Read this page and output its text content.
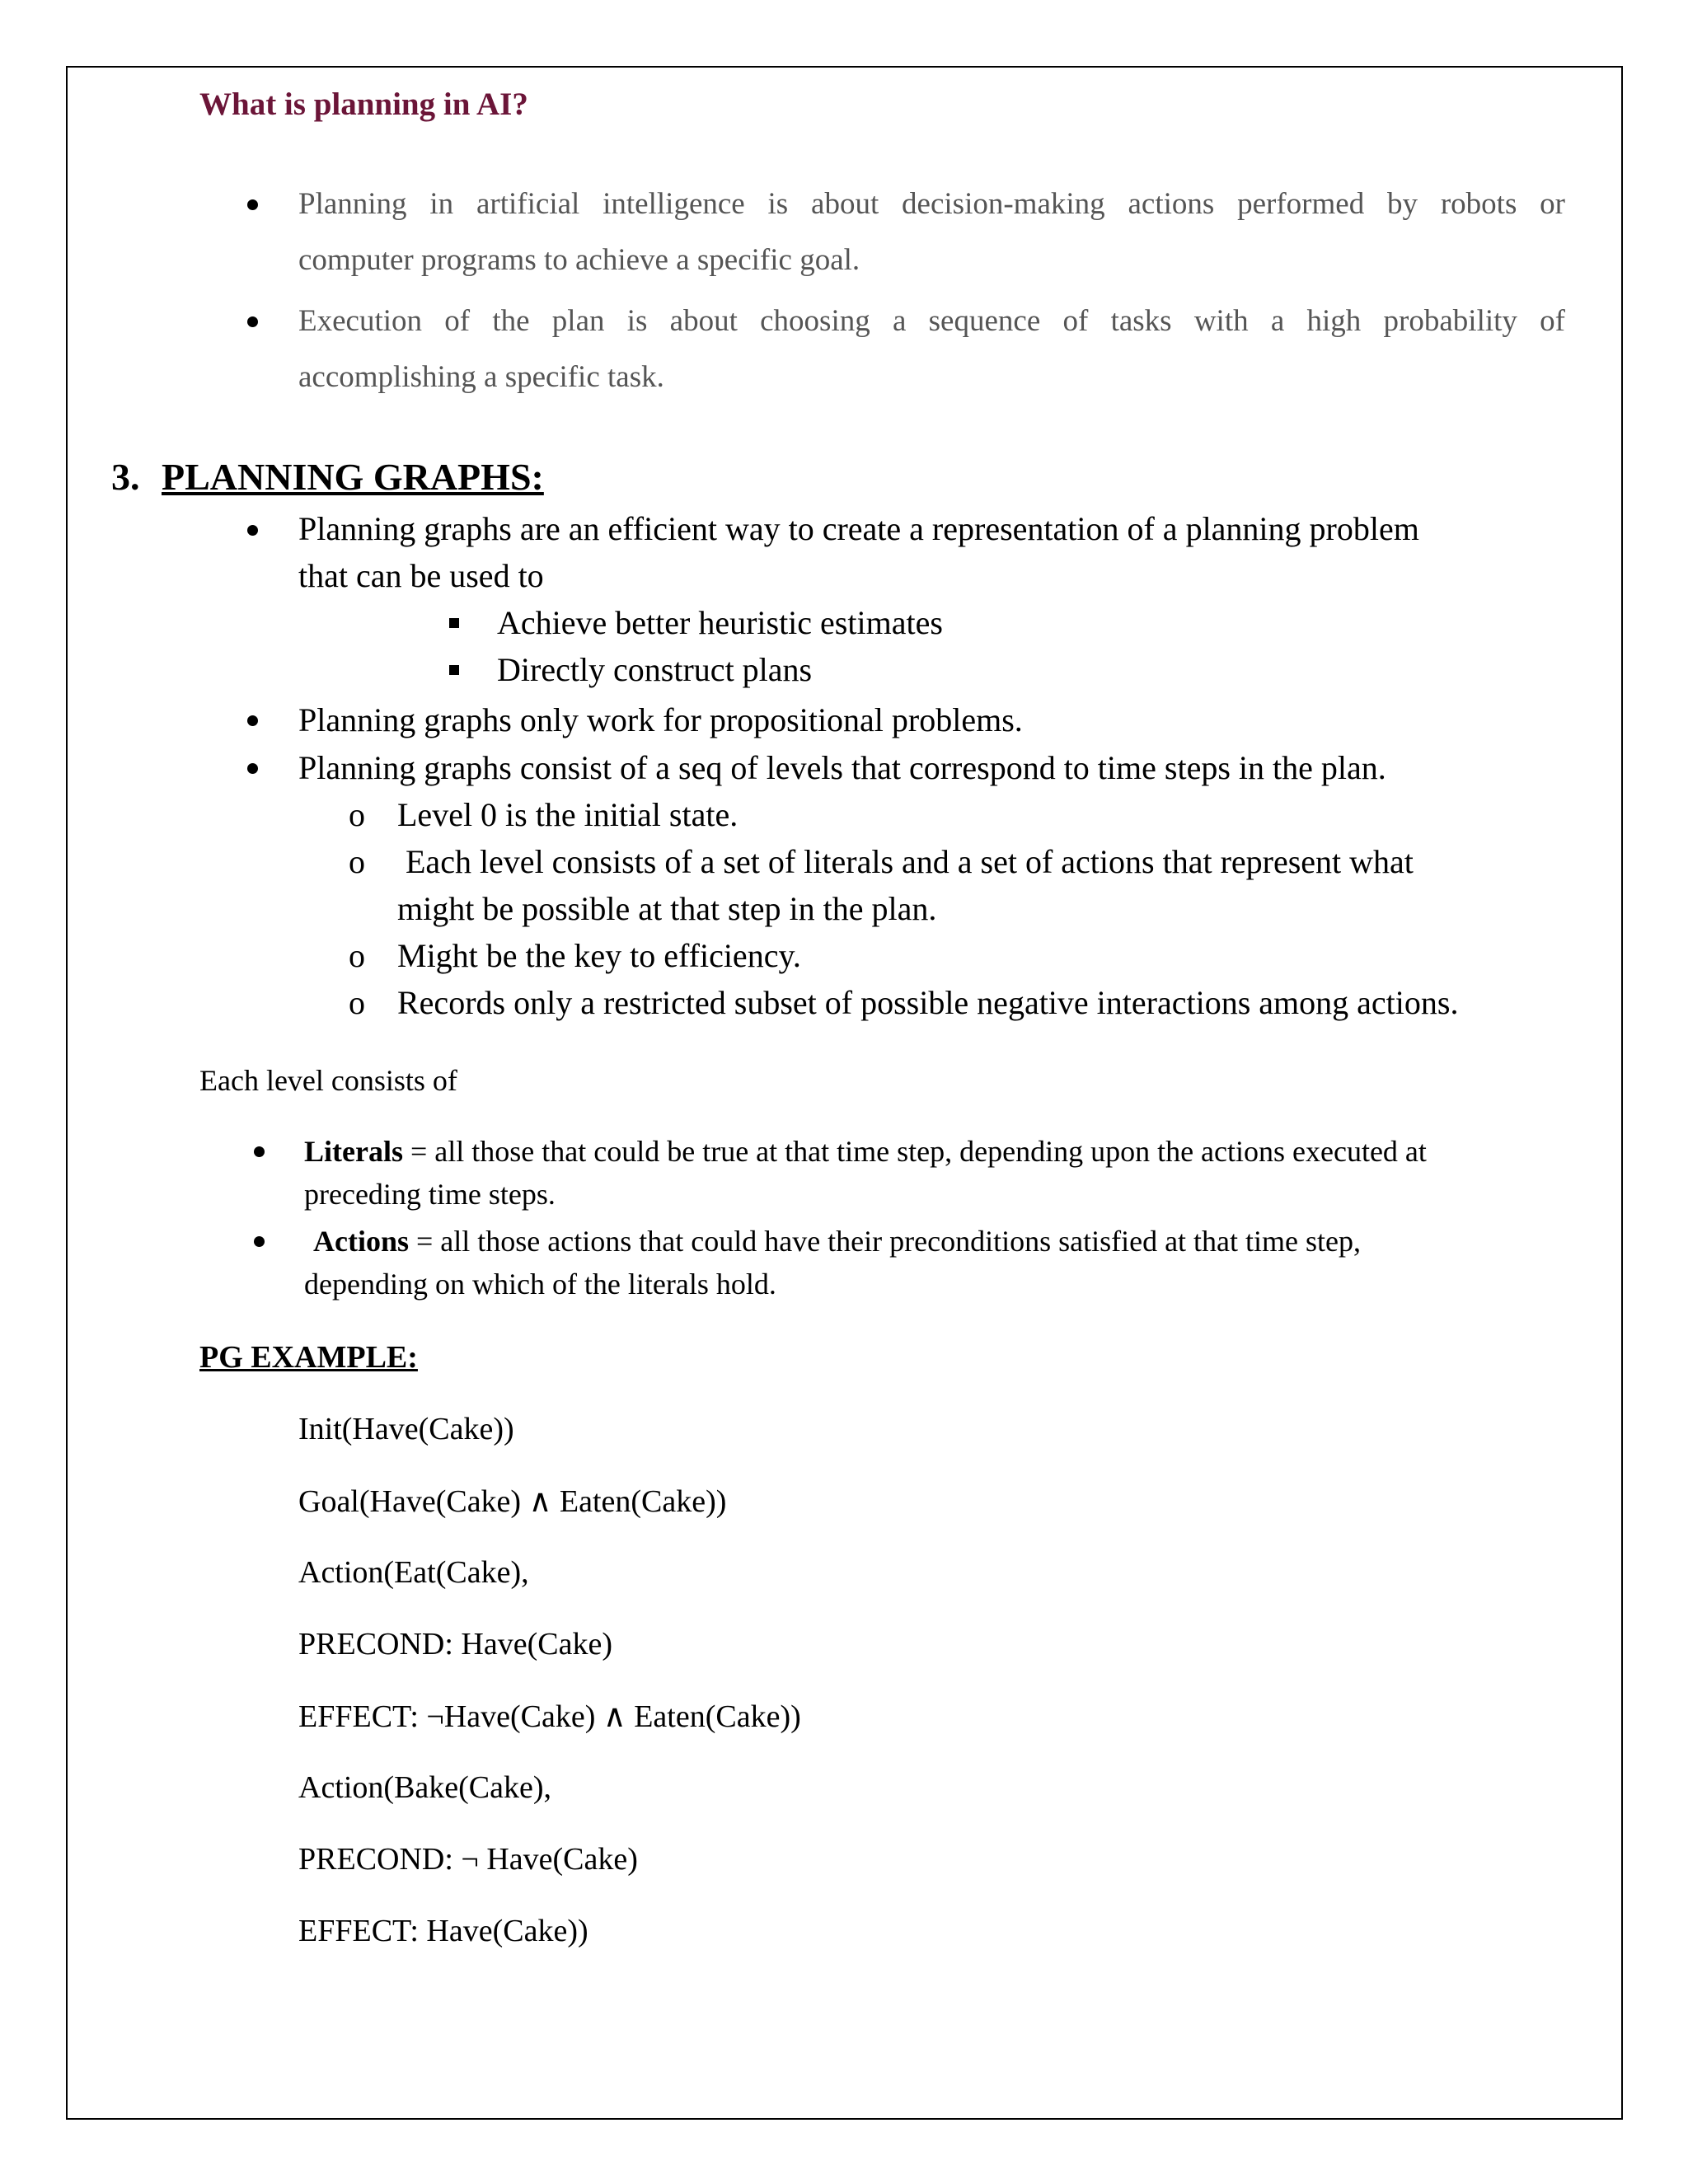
What is planning in AI?
Planning in artificial intelligence is about decision-making actions performed by robots or
computer programs to achieve a specific goal.
Execution of the plan is about choosing a sequence of tasks with a high probability of
accomplishing a specific task.
3. PLANNING GRAPHS:
Planning graphs are an efficient way to create a representation of a planning problem
that can be used to
Achieve better heuristic estimates
Directly construct plans
Planning graphs only work for propositional problems.
Planning graphs consist of a seq of levels that correspond to time steps in the plan.
o Level 0 is the initial state.
o Each level consists of a set of literals and a set of actions that represent what
might be possible at that step in the plan.
o Might be the key to efficiency.
o Records only a restricted subset of possible negative interactions among actions.
Each level consists of
Literals = all those that could be true at that time step, depending upon the actions executed at
preceding time steps.
Actions = all those actions that could have their preconditions satisfied at that time step,
depending on which of the literals hold.
PG EXAMPLE:
Init(Have(Cake))
Goal(Have(Cake) ∧ Eaten(Cake))
Action(Eat(Cake),
PRECOND: Have(Cake)
EFFECT: ¬Have(Cake) ∧ Eaten(Cake))
Action(Bake(Cake),
PRECOND: ¬ Have(Cake)
EFFECT: Have(Cake))
